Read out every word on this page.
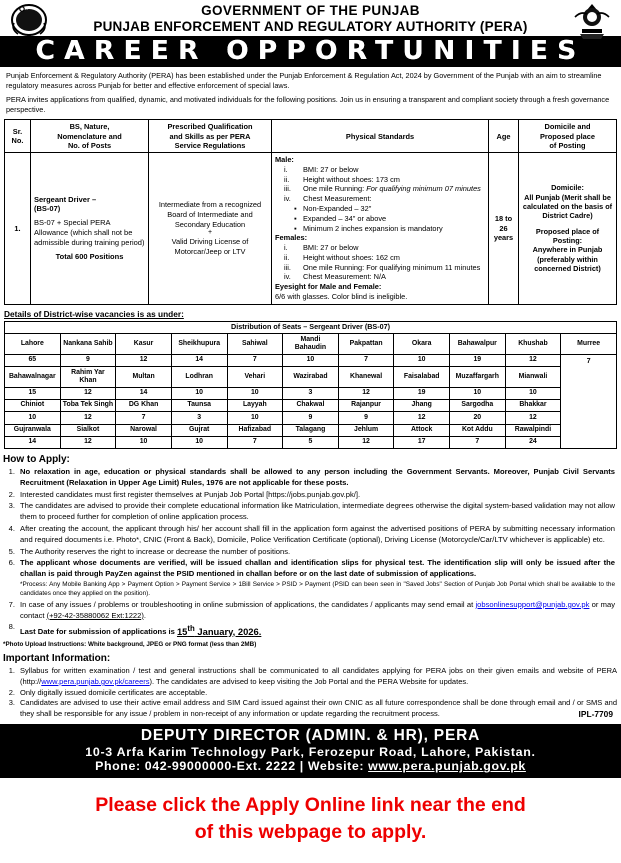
GOVERNMENT OF THE PUNJAB
PUNJAB ENFORCEMENT AND REGULATORY AUTHORITY (PERA)
CAREER OPPORTUNITIES

Punjab Enforcement & Regulatory Authority (PERA) has been established under the Punjab Enforcement & Regulation Act, 2024 by Government of the Punjab with an aim to streamline regulatory measures across Punjab for better and effective enforcement of special laws.

PERA invites applications from qualified, dynamic, and motivated individuals for the following positions. Join us in ensuring a transparent and compliant society through a fresh governance perspective.

Sr.
No.	BS, Nature,
Nomenclature and
No. of Posts	Prescribed Qualification
and Skills as per PERA
Service Regulations	Physical Standards	Age	Domicile and
Proposed place
of Posting
1.	
Sergeant Driver –
(BS-07)
BS-07 + Special PERA Allowance (which shall not be admissible during training period)
Total 600 Positions

Intermediate from a recognized Board of Intermediate and Secondary Education
+
Valid Driving License of Motorcar/Jeep or LTV

Male:
i.	BMI: 27 or below
ii.	Height without shoes: 173 cm
iii.	One mile Running: For qualifying minimum 07 minutes
iv.	Chest Measurement:
▪ Non-Expanded – 32"
▪ Expanded – 34" or above
▪ Minimum 2 inches expansion is mandatory
Females:
i.	BMI: 27 or below
ii.	Height without shoes: 162 cm
iii.	One mile Running: For qualifying minimum 11 minutes
iv.	Chest Measurement: N/A
Eyesight for Male and Female:
6/6 with glasses. Color blind is ineligible.
	18 to 26 years	
Domicile:
All Punjab (Merit shall be calculated on the basis of District Cadre)
Proposed place of Posting:
Anywhere in Punjab (preferably within concerned District)
Details of District-wise vacancies is as under:
Distribution of Seats – Sergeant Driver (BS-07)										
Lahore	Nankana Sahib	Kasur	Sheikhupura	Sahiwal	Mandi Bahaudin	Pakpattan	Okara	Bahawalpur	Khushab	Murree
65	9	12	14	7	10	7	10	19	12	7
Bahawalnagar	Rahim Yar Khan	Multan	Lodhran	Vehari	Wazirabad	Khanewal	Faisalabad	Muzaffargarh	Mianwali	
15	12	14	10	10	3	12	19	10	10	
Chiniot	Toba Tek Singh	DG Khan	Taunsa	Layyah	Chakwal	Rajanpur	Jhang	Sargodha	Bhakkar	
10	12	7	3	10	9	9	12	20	12	
Gujranwala	Sialkot	Narowal	Gujrat	Hafizabad	Talagang	Jehlum	Attock	Kot Addu	Rawalpindi	
14	12	10	10	7	5	12	17	7	24	
How to Apply:
1. No relaxation in age, education or physical standards shall be allowed to any person including the Government Servants. Moreover, Punjab Civil Servants Recruitment (Relaxation in Upper Age Limit) Rules, 1976 are not applicable for these posts.
2. Interested candidates must first register themselves at Punjab Job Portal [https://jobs.punjab.gov.pk/].
3. The candidates are advised to provide their complete educational information like Matriculation, intermediate degrees otherwise the digital system-based validation may not allow them to proceed further for completion of online application process.
4. After creating the account, the applicant through his/ her account shall fill in the application form against the advertised positions of PERA by submitting necessary information and required documents i.e. Photo*, CNIC (Front & Back), Domicile, Police Verification Certificate (optional), Driving License (Motorcycle/Car/LTV whichever is applicable) etc.
5. The Authority reserves the right to increase or decrease the number of positions.
6. The applicant whose documents are verified, will be issued challan and identification slips for physical test. The identification slip will only be issued after the challan is paid through PayZen against the PSID mentioned in challan before or on the last date of submission of applications.
*Process: Any Mobile Banking App > Payment Option > Payment Service > 1Bill Service > PSID > Payment (PSID can been seen in "Saved Jobs" Section of Punjab Job Portal which shall be available to the candidates once they applied on the position).
7. In case of any issues / problems or troubleshooting in online submission of applications, the candidates / applicants may send email at jobsonlinesupport@punjab.gov.pk or may contact (+92-42-35880062 Ext:1222).
8.
Last Date for submission of applications is 15th January, 2026.
*Photo Upload Instructions: White background, JPEG or PNG format (less than 2MB)
Important Information:
1. Syllabus for written examination / test and general instructions shall be communicated to all candidates applying for PERA jobs on their given emails and website of PERA (http://www.pera.punjab.gov.pk/careers). The candidates are advised to keep visiting the Job Portal and the PERA Website for updates.
2. Only digitally issued domicile certificates are acceptable.
3. Candidates are advised to use their active email address and SIM Card issued against their own CNIC as all future correspondence shall be done through email and / or SMS and they shall be responsible for any issue / problem in non-receipt of any information or update regarding the recruitment process.	IPL-7709
DEPUTY DIRECTOR (ADMIN. & HR), PERA
10-3 Arfa Karim Technology Park, Ferozepur Road, Lahore, Pakistan.
Phone: 042-99000000-Ext. 2222 | Website: www.pera.punjab.gov.pk
Please click the Apply Online link near the end
of this webpage to apply.
